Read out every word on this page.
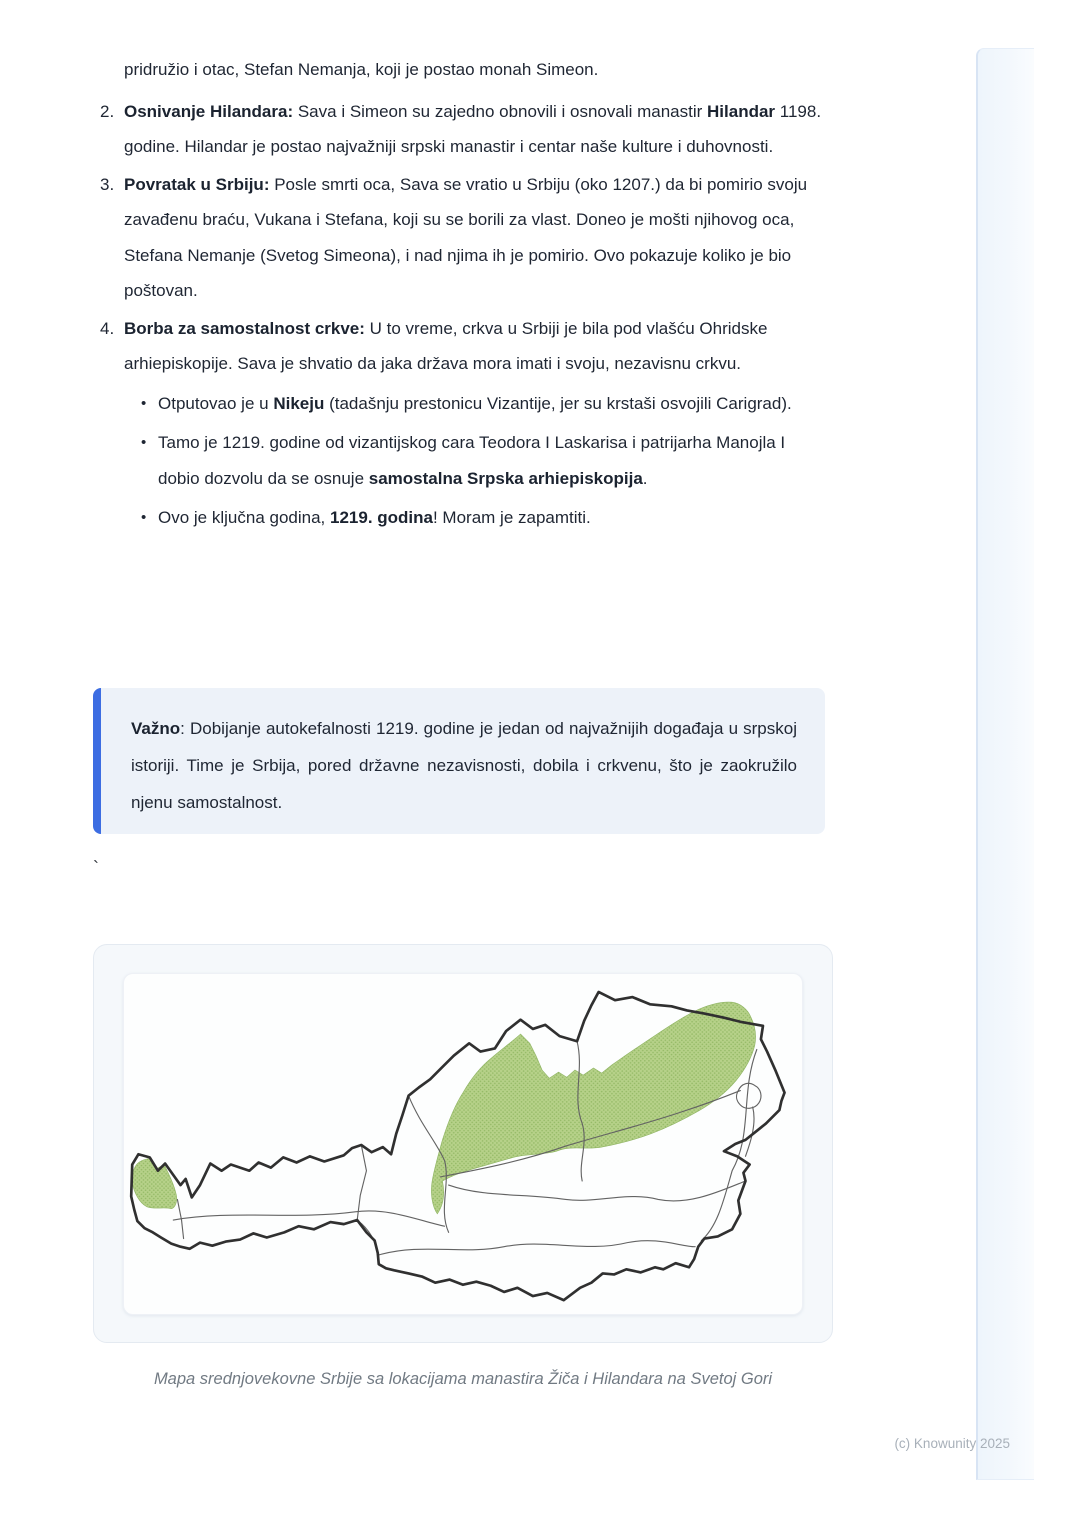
pridružio i otac, Stefan Nemanja, koji je postao monah Simeon.

2. Osnivanje Hilandara: Sava i Simeon su zajedno obnovili i osnovali manastir Hilandar 1198. godine. Hilandar je postao najvažniji srpski manastir i centar naše kulture i duhovnosti.
3. Povratak u Srbiju: Posle smrti oca, Sava se vratio u Srbiju (oko 1207.) da bi pomirio svoju zavađenu braću, Vukana i Stefana, koji su se borili za vlast. Doneo je mošti njihovog oca, Stefana Nemanje (Svetog Simeona), i nad njima ih je pomirio. Ovo pokazuje koliko je bio poštovan.
4. Borba za samostalnost crkve: U to vreme, crkva u Srbiji je bila pod vlašću Ohridske arhiepiskopije. Sava je shvatio da jaka država mora imati i svoju, nezavisnu crkvu.
• Otputovao je u Nikeju (tadašnju prestonicu Vizantije, jer su krstaši osvojili Carigrad).
• Tamo je 1219. godine od vizantijskog cara Teodora I Laskarisa i patrijarha Manojla I dobio dozvolu da se osnuje samostalna Srpska arhiepiskopija.
• Ovo je ključna godina, 1219. godina! Moram je zapamtiti.
Važno: Dobijanje autokefalnosti 1219. godine je jedan od najvažnijih događaja u srpskoj istoriji. Time je Srbija, pored državne nezavisnosti, dobila i crkvenu, što je zaokružilo njenu samostalnost.
`
Mapa srednjovekovne Srbije sa lokacijama manastira Žiča i Hilandara na Svetoj Gori
(c) Knowunity 2025
